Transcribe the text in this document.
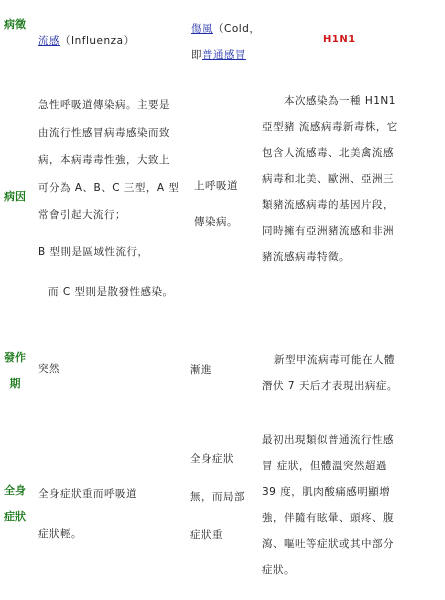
病徵
流感（Influenza）
傷風（Cold，
即普通感冒
H1N1
病因
急性呼吸道傳染病。主要是
由流行性感冒病毒感染而致
病，本病毒毒性強，大致上
可分為 A、B、C 三型，A 型
常會引起大流行；
B 型則是區域性流行，
而 C 型則是散發性感染。
上呼吸道
傳染病。
本次感染為一種 H1N1
亞型豬 流感病毒新毒株，它
包含人流感毒、北美禽流感
病毒和北美、歐洲、亞洲三
類豬流感病毒的基因片段，
同時擁有亞洲豬流感和非洲
豬流感病毒特徵。
發作
期
突然	漸進
新型甲流病毒可能在人體
潛伏 7 天后才表現出病症。
全身
症狀
全身症狀重而呼吸道
症狀輕。
全身症狀
無，而局部
症狀重
最初出現類似普通流行性感
冒 症狀，但體溫突然超過
39 度，肌肉酸痛感明顯增
強，伴隨有眩暈、頭疼、腹
瀉、嘔吐等症狀或其中部分
症狀。
